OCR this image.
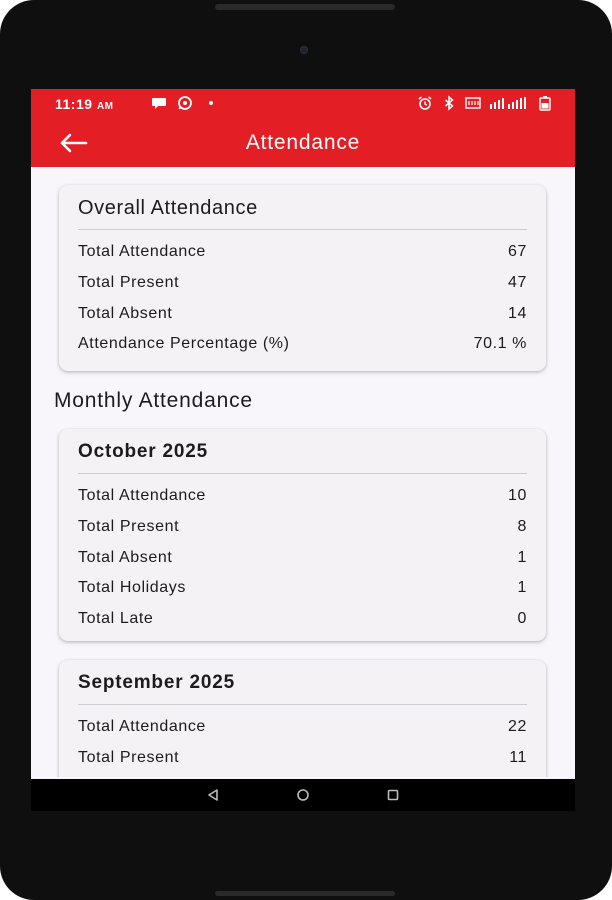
11:19 AM
Attendance
Overall Attendance
Total Attendance	67
Total Present	47
Total Absent	14
Attendance Percentage (%)	70.1 %
Monthly Attendance
October 2025
Total Attendance	10
Total Present	8
Total Absent	1
Total Holidays	1
Total Late	0
September 2025
Total Attendance	22
Total Present	11
